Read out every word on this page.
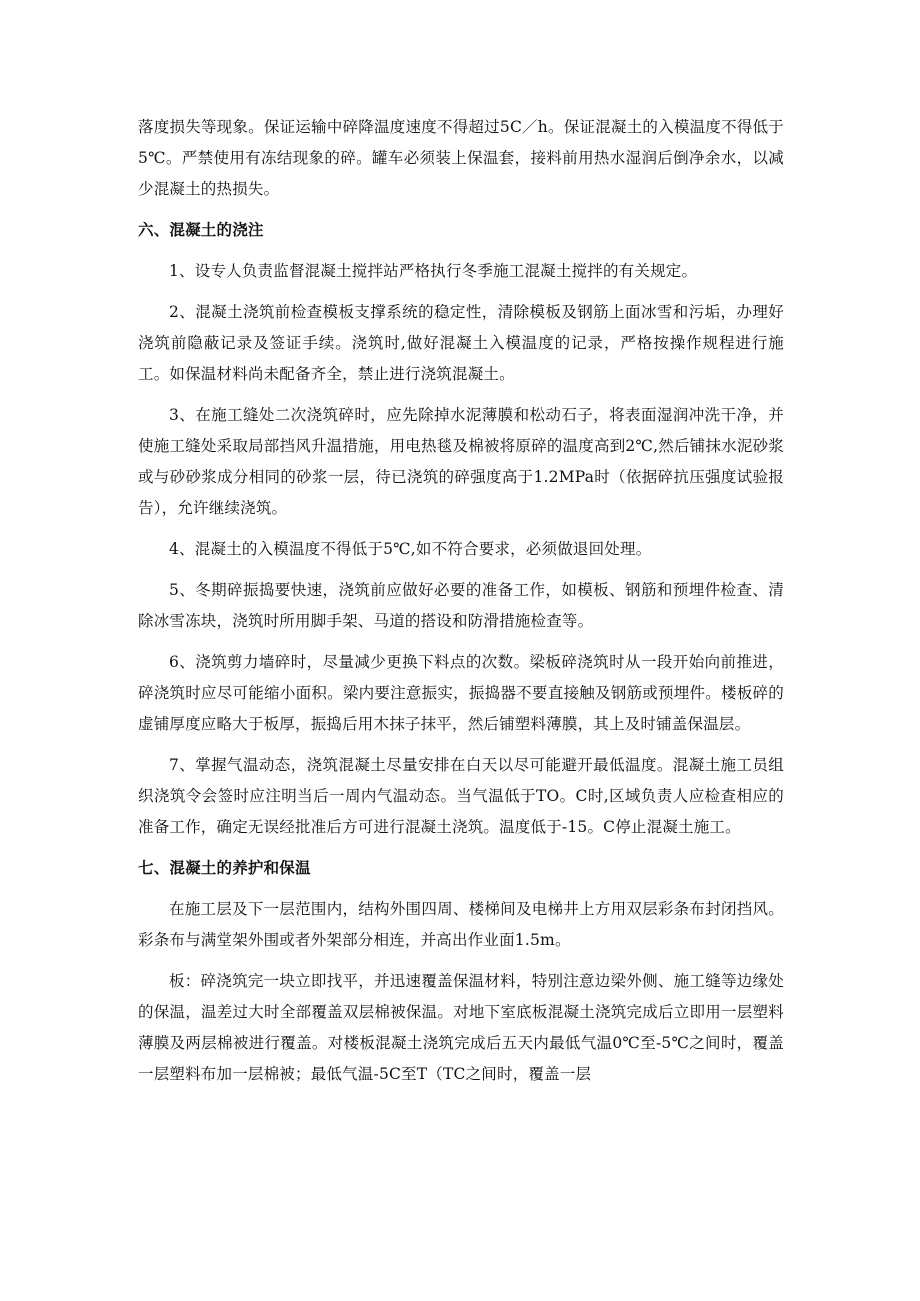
落度损失等现象。保证运输中碎降温度速度不得超过5C／h。保证混凝土的入模温度不得低于5℃。严禁使用有冻结现象的碎。罐车必须装上保温套，接料前用热水湿润后倒净余水，以减少混凝土的热损失。

六、混凝土的浇注

1、设专人负责监督混凝土搅拌站严格执行冬季施工混凝土搅拌的有关规定。

2、混凝土浇筑前检查模板支撑系统的稳定性，清除模板及钢筋上面冰雪和污垢，办理好浇筑前隐蔽记录及签证手续。浇筑时,做好混凝土入模温度的记录，严格按操作规程进行施工。如保温材料尚未配备齐全，禁止进行浇筑混凝土。

3、在施工缝处二次浇筑碎时，应先除掉水泥薄膜和松动石子，将表面湿润冲洗干净，并使施工缝处采取局部挡风升温措施，用电热毯及棉被将原碎的温度高到2℃,然后铺抹水泥砂浆或与砂砂浆成分相同的砂浆一层，待已浇筑的碎强度高于1.2MPa时（依据碎抗压强度试验报告），允许继续浇筑。

4、混凝土的入模温度不得低于5℃,如不符合要求，必须做退回处理。

5、冬期碎振捣要快速，浇筑前应做好必要的准备工作，如模板、钢筋和预埋件检查、清除冰雪冻块，浇筑时所用脚手架、马道的搭设和防滑措施检查等。

6、浇筑剪力墙碎时，尽量减少更换下料点的次数。梁板碎浇筑时从一段开始向前推进，碎浇筑时应尽可能缩小面积。梁内要注意振实，振捣器不要直接触及钢筋或预埋件。楼板碎的虚铺厚度应略大于板厚，振捣后用木抹子抹平，然后铺塑料薄膜，其上及时铺盖保温层。

7、掌握气温动态，浇筑混凝土尽量安排在白天以尽可能避开最低温度。混凝土施工员组织浇筑令会签时应注明当后一周内气温动态。当气温低于TO。C时,区域负责人应检查相应的准备工作，确定无误经批准后方可进行混凝土浇筑。温度低于-15。C停止混凝土施工。

七、混凝土的养护和保温

在施工层及下一层范围内，结构外围四周、楼梯间及电梯井上方用双层彩条布封闭挡风。彩条布与满堂架外围或者外架部分相连，并高出作业面1.5m。

板：碎浇筑完一块立即找平，并迅速覆盖保温材料，特别注意边梁外侧、施工缝等边缘处的保温，温差过大时全部覆盖双层棉被保温。对地下室底板混凝土浇筑完成后立即用一层塑料薄膜及两层棉被进行覆盖。对楼板混凝土浇筑完成后五天内最低气温0℃至-5℃之间时，覆盖一层塑料布加一层棉被；最低气温-5C至T（TC之间时，覆盖一层
